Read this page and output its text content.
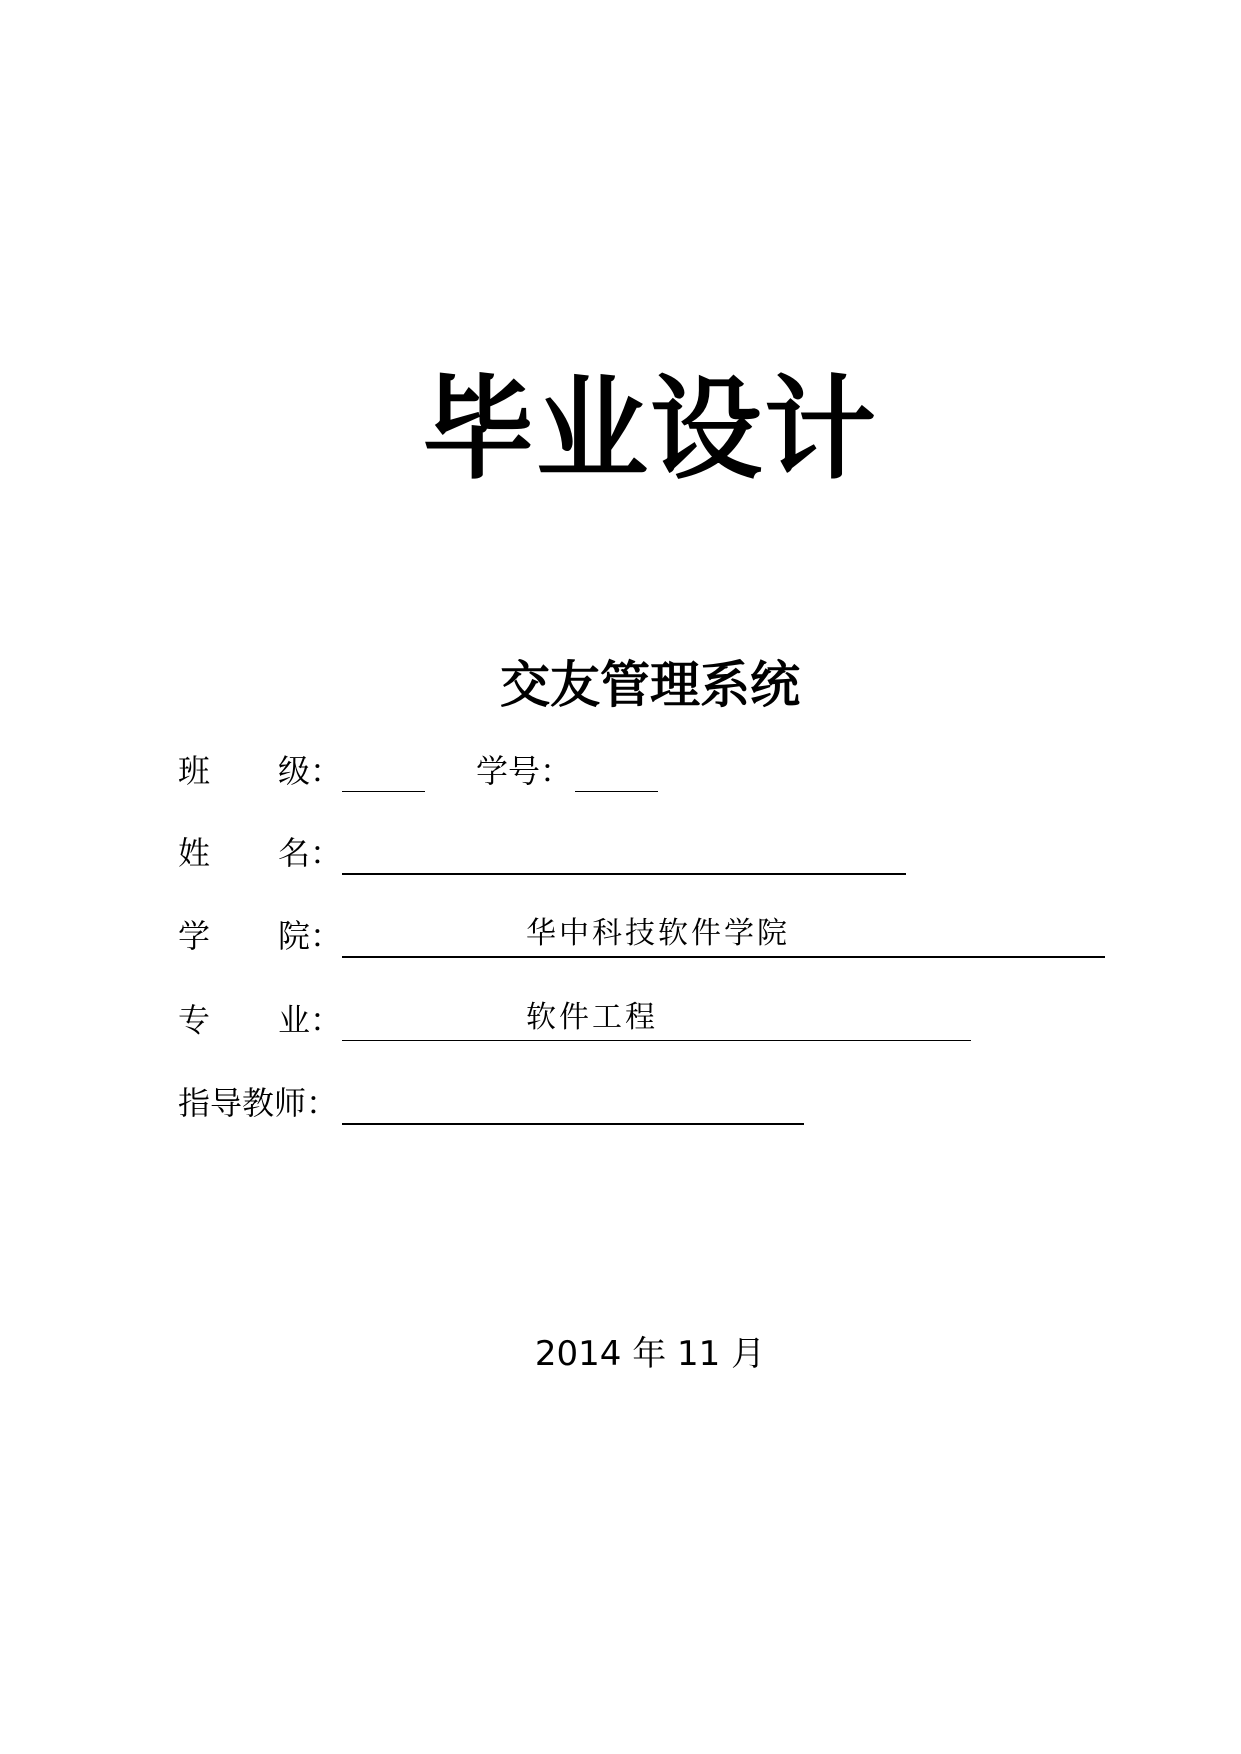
毕业设计
交友管理系统
班 级 ：	学号：
姓 名 ：
学 院 ：	华中科技软件学院
专 业 ：	软件工程
指导教师：
2014 年 11 月
